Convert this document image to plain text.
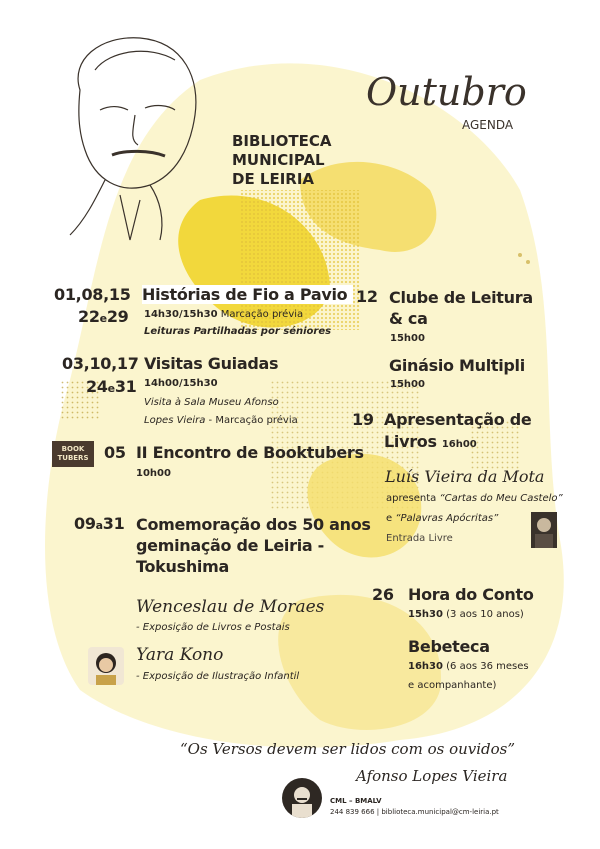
Outubro
AGENDA
BIBLIOTECA
MUNICIPAL
DE LEIRIA
01,08,15
22e29
Histórias de Fio a Pavio
14h30/15h30 Marcação prévia
Leituras Partilhadas por séniores
03,10,17
24e31
Visitas Guiadas
14h00/15h30
Visita à Sala Museu Afonso
Lopes Vieira - Marcação prévia
BOOK TUBERS 05 II Encontro de Booktubers
10h00
09a31 Comemoração dos 50 anos
geminação de Leiria -
Tokushima
Wenceslau de Moraes
- Exposição de Livros e Postais
Yara Kono
- Exposição de Ilustração Infantil
12 Clube de Leitura
& ca
15h00
Ginásio Multipli
15h00
19 Apresentação de
Livros 16h00
Luís Vieira da Mota
apresenta “Cartas do Meu Castelo”
e “Palavras Apócritas”
Entrada Livre
26 Hora do Conto
15h30 (3 aos 10 anos)
Bebeteca
16h30 (6 aos 36 meses
e acompanhante)
“Os Versos devem ser lidos com os ouvidos”
Afonso Lopes Vieira
CML – BMALV
244 839 666 | biblioteca.municipal@cm-leiria.pt
